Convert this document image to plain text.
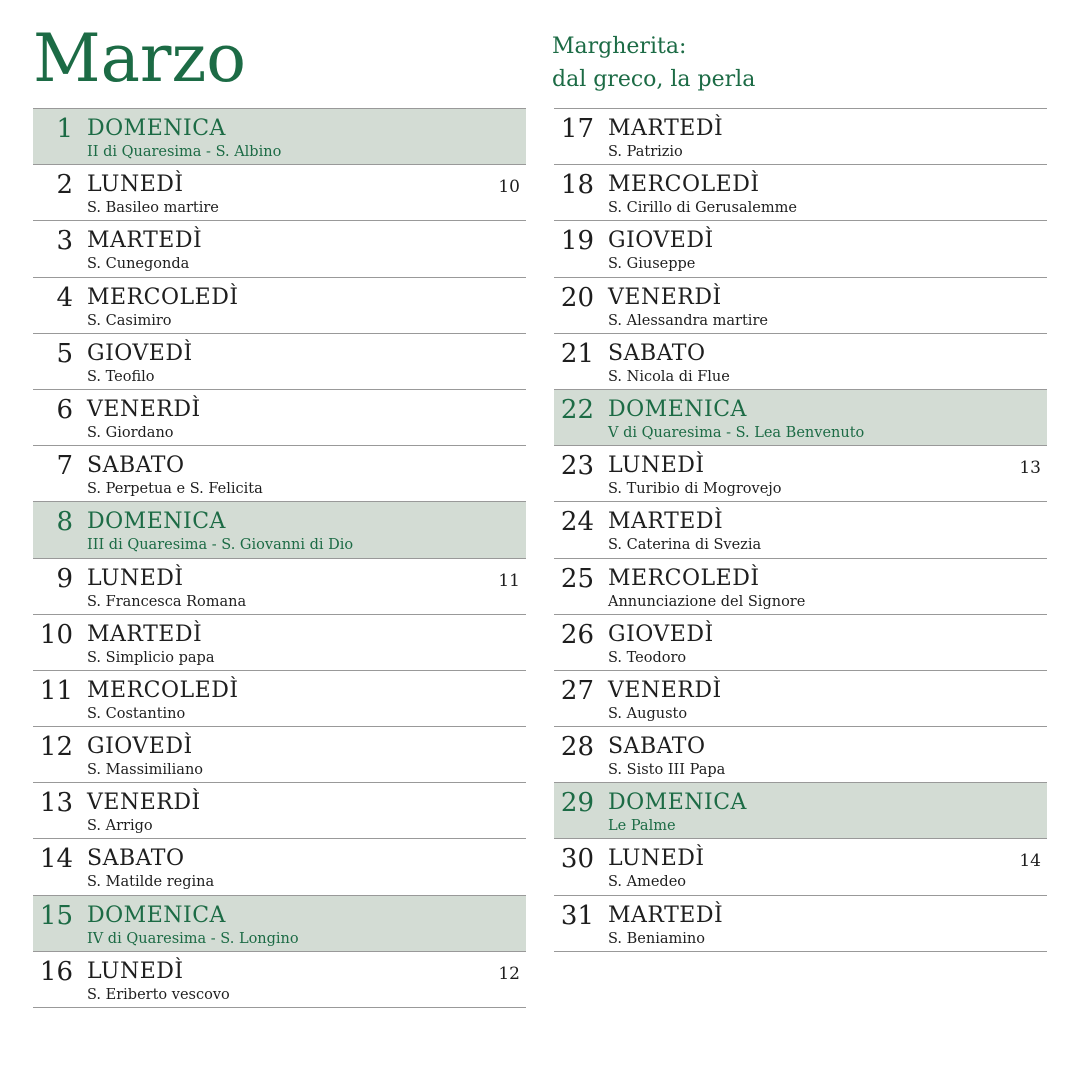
Marzo	Margherita:
dal greco, la perla
1 DOMENICA
II di Quaresima - S. Albino
2 LUNEDÌ
S. Basileo martire
10
3 MARTEDÌ
S. Cunegonda
4 MERCOLEDÌ
S. Casimiro
5 GIOVEDÌ
S. Teofilo
6 VENERDÌ
S. Giordano
7 SABATO
S. Perpetua e S. Felicita
8 DOMENICA
III di Quaresima - S. Giovanni di Dio
9 LUNEDÌ
S. Francesca Romana
11
10 MARTEDÌ
S. Simplicio papa
11 MERCOLEDÌ
S. Costantino
12 GIOVEDÌ
S. Massimiliano
13 VENERDÌ
S. Arrigo
14 SABATO
S. Matilde regina
15 DOMENICA
IV di Quaresima - S. Longino
16 LUNEDÌ
S. Eriberto vescovo
12
17 MARTEDÌ
S. Patrizio
18 MERCOLEDÌ
S. Cirillo di Gerusalemme
19 GIOVEDÌ
S. Giuseppe
20 VENERDÌ
S. Alessandra martire
21 SABATO
S. Nicola di Flue
22 DOMENICA
V di Quaresima - S. Lea Benvenuto
23 LUNEDÌ
S. Turibio di Mogrovejo
13
24 MARTEDÌ
S. Caterina di Svezia
25 MERCOLEDÌ
Annunciazione del Signore
26 GIOVEDÌ
S. Teodoro
27 VENERDÌ
S. Augusto
28 SABATO
S. Sisto III Papa
29 DOMENICA
Le Palme
30 LUNEDÌ
S. Amedeo
14
31 MARTEDÌ
S. Beniamino
